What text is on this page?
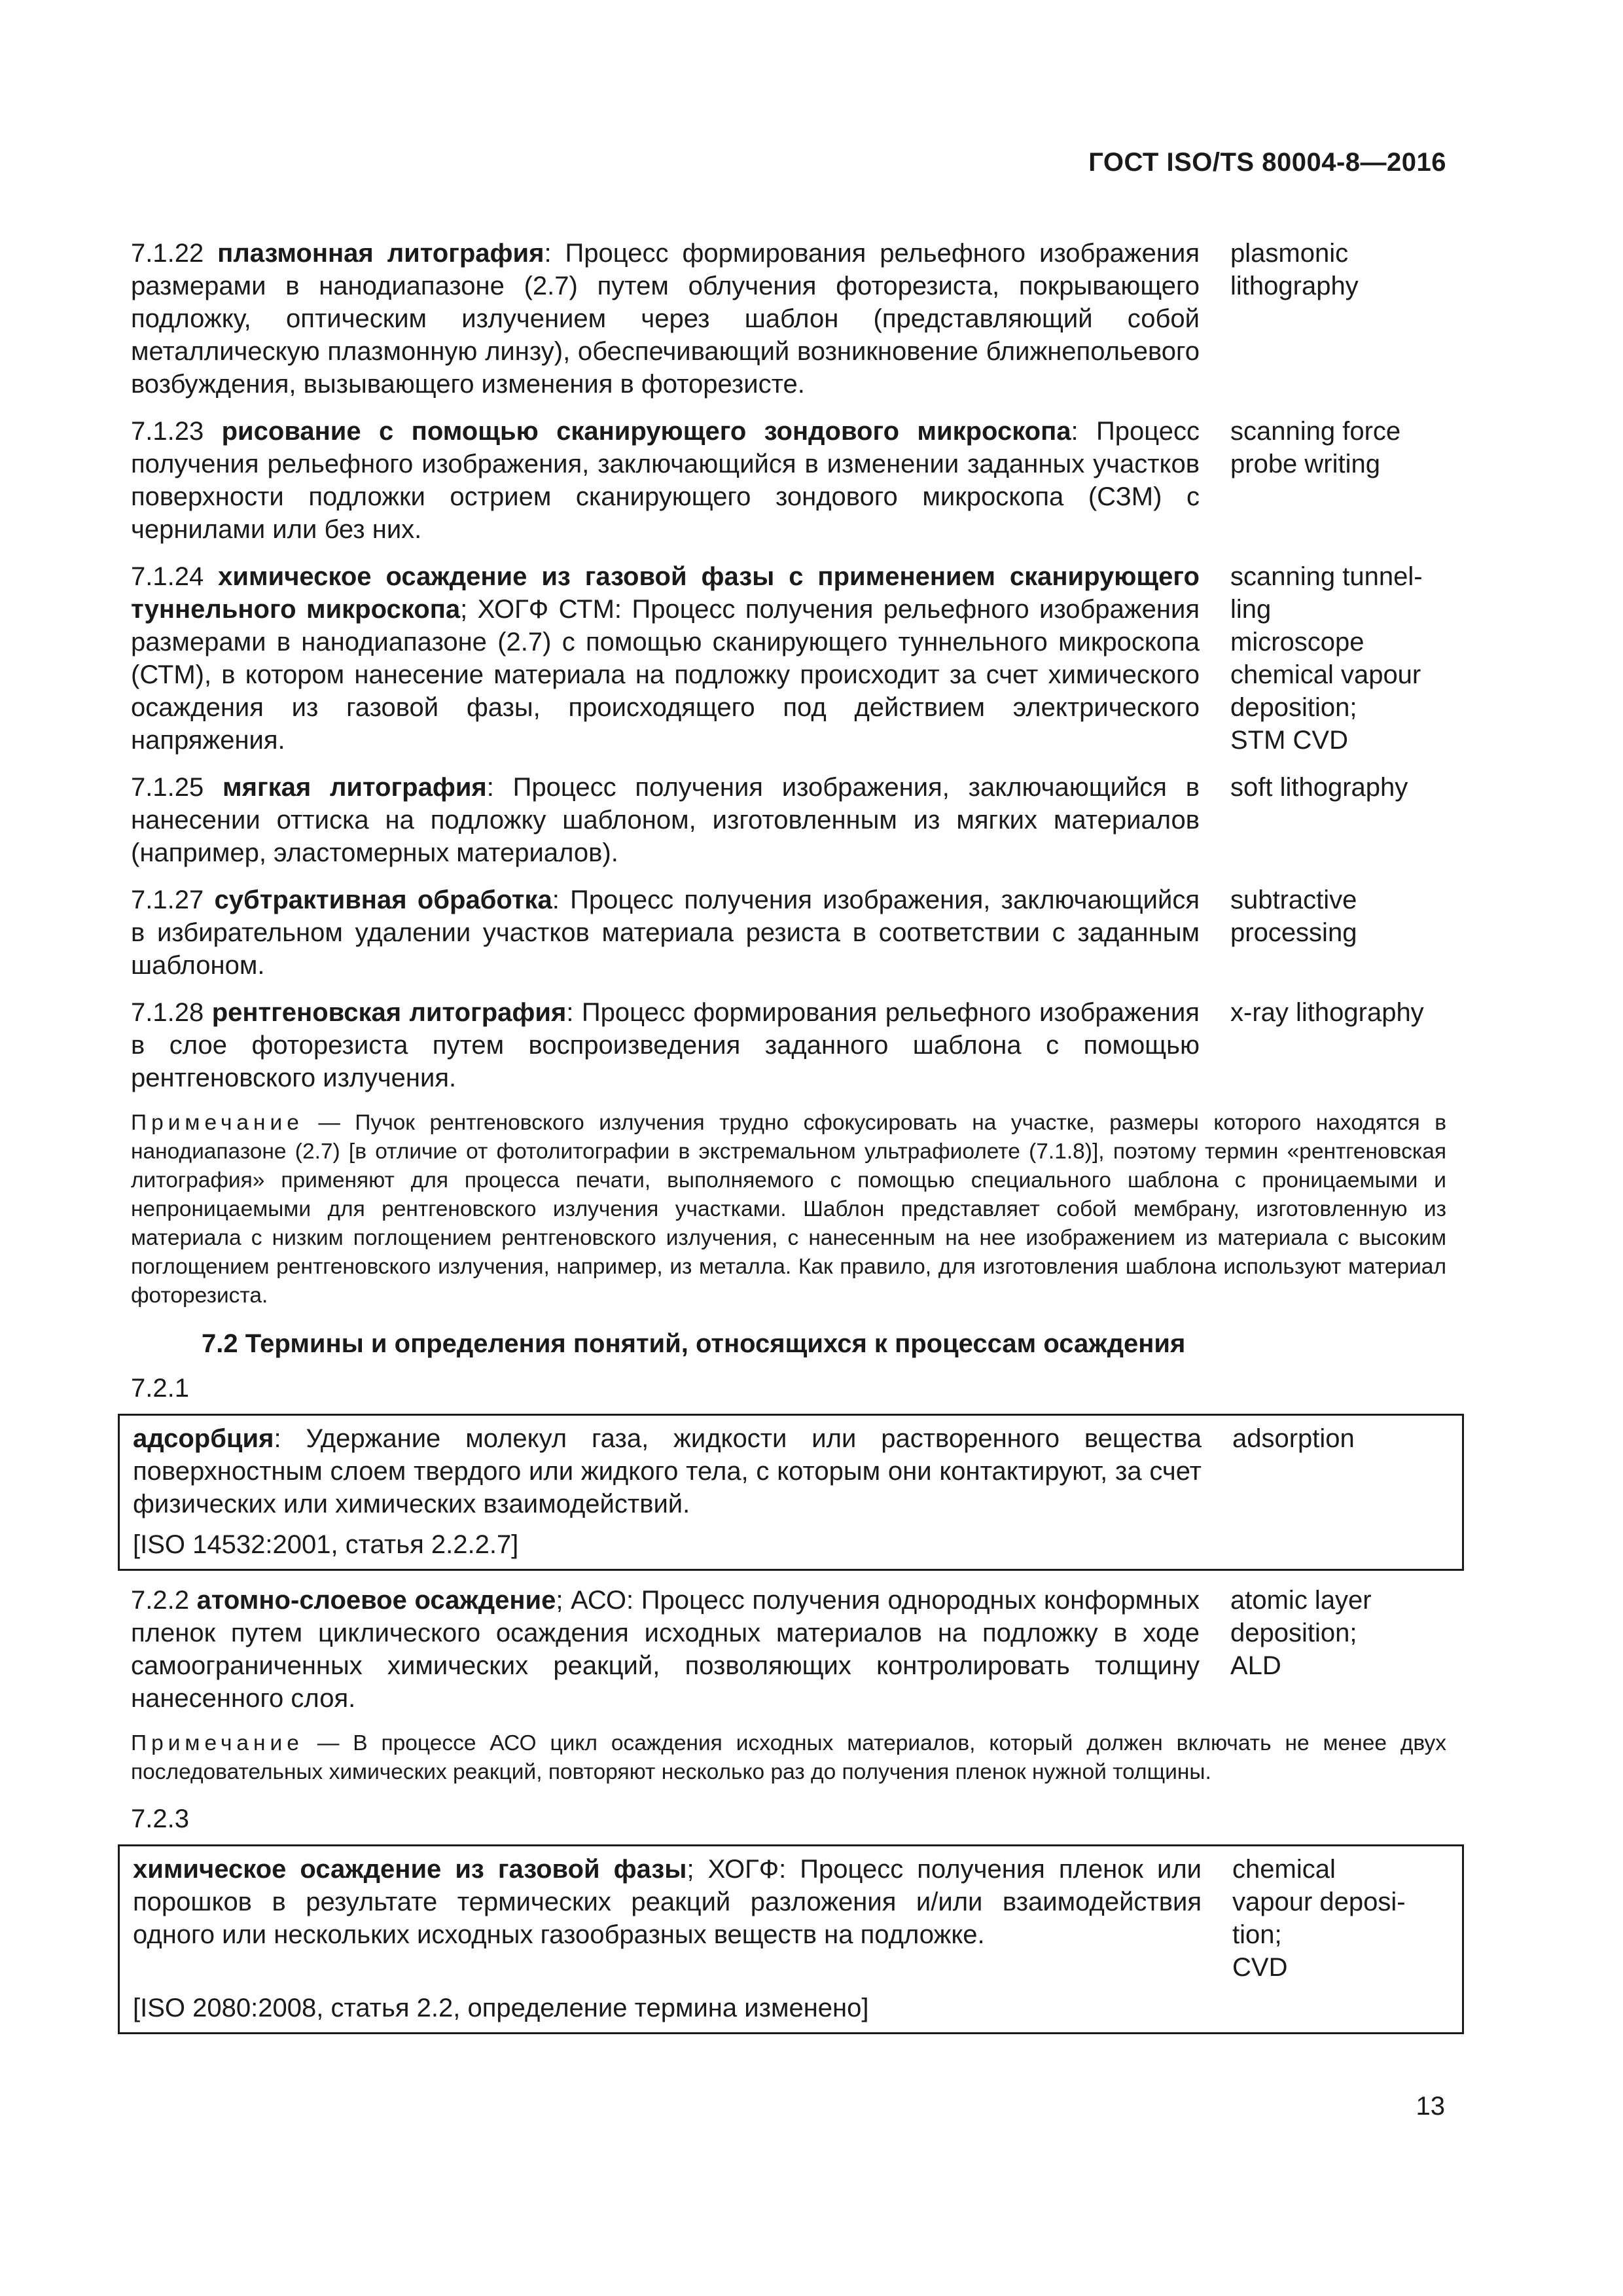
ГОСТ ISO/TS 80004-8—2016
7.1.22 плазмонная литография: Процесс формирования рельефного изображения размерами в нанодиапазоне (2.7) путем облучения фоторезиста, покрывающего подложку, оптическим излучением через шаблон (представляющий собой металлическую плазмонную линзу), обеспечивающий возникновение ближнепольевого возбуждения, вызывающего изменения в фоторезисте.
plasmonic
lithography
7.1.23 рисование с помощью сканирующего зондового микроскопа: Процесс получения рельефного изображения, заключающийся в изменении заданных участков поверхности подложки острием сканирующего зондового микроскопа (СЗМ) с чернилами или без них.
scanning force
probe writing
7.1.24 химическое осаждение из газовой фазы с применением сканирующего туннельного микроскопа; ХОГФ СТМ: Процесс получения рельефного изображения размерами в нанодиапазоне (2.7) с помощью сканирующего туннельного микроскопа (СТМ), в котором нанесение материала на подложку происходит за счет химического осаждения из газовой фазы, происходящего под действием электрического напряжения.
scanning tunnel-
ling
microscope
chemical vapour
deposition;
STM CVD
7.1.25 мягкая литография: Процесс получения изображения, заключающийся в нанесении оттиска на подложку шаблоном, изготовленным из мягких материалов (например, эластомерных материалов).
soft lithography
7.1.27 субтрактивная обработка: Процесс получения изображения, заключающийся в избирательном удалении участков материала резиста в соответствии с заданным шаблоном.
subtractive
processing
7.1.28 рентгеновская литография: Процесс формирования рельефного изображения в слое фоторезиста путем воспроизведения заданного шаблона с помощью рентгеновского излучения.
x-ray lithography
Примечание — Пучок рентгеновского излучения трудно сфокусировать на участке, размеры которого находятся в нанодиапазоне (2.7) [в отличие от фотолитографии в экстремальном ультрафиолете (7.1.8)], поэтому термин «рентгеновская литография» применяют для процесса печати, выполняемого с помощью специального шаблона с проницаемыми и непроницаемыми для рентгеновского излучения участками. Шаблон представляет собой мембрану, изготовленную из материала с низким поглощением рентгеновского излучения, с нанесенным на нее изображением из материала с высоким поглощением рентгеновского излучения, например, из металла. Как правило, для изготовления шаблона используют материал фоторезиста.
7.2 Термины и определения понятий, относящихся к процессам осаждения
7.2.1
адсорбция: Удержание молекул газа, жидкости или растворенного вещества поверхностным слоем твердого или жидкого тела, с которым они контактируют, за счет физических или химических взаимодействий.
adsorption
[ISO 14532:2001, статья 2.2.2.7]
7.2.2 атомно-слоевое осаждение; АСО: Процесс получения однородных конформных пленок путем циклического осаждения исходных материалов на подложку в ходе самоограниченных химических реакций, позволяющих контролировать толщину нанесенного слоя.
atomic layer
deposition;
ALD
Примечание — В процессе АСО цикл осаждения исходных материалов, который должен включать не менее двух последовательных химических реакций, повторяют несколько раз до получения пленок нужной толщины.
7.2.3
химическое осаждение из газовой фазы; ХОГФ: Процесс получения пленок или порошков в результате термических реакций разложения и/или взаимодействия одного или нескольких исходных газообразных веществ на подложке.
chemical
vapour deposi-
tion;
CVD
[ISO 2080:2008, статья 2.2, определение термина изменено]
13
